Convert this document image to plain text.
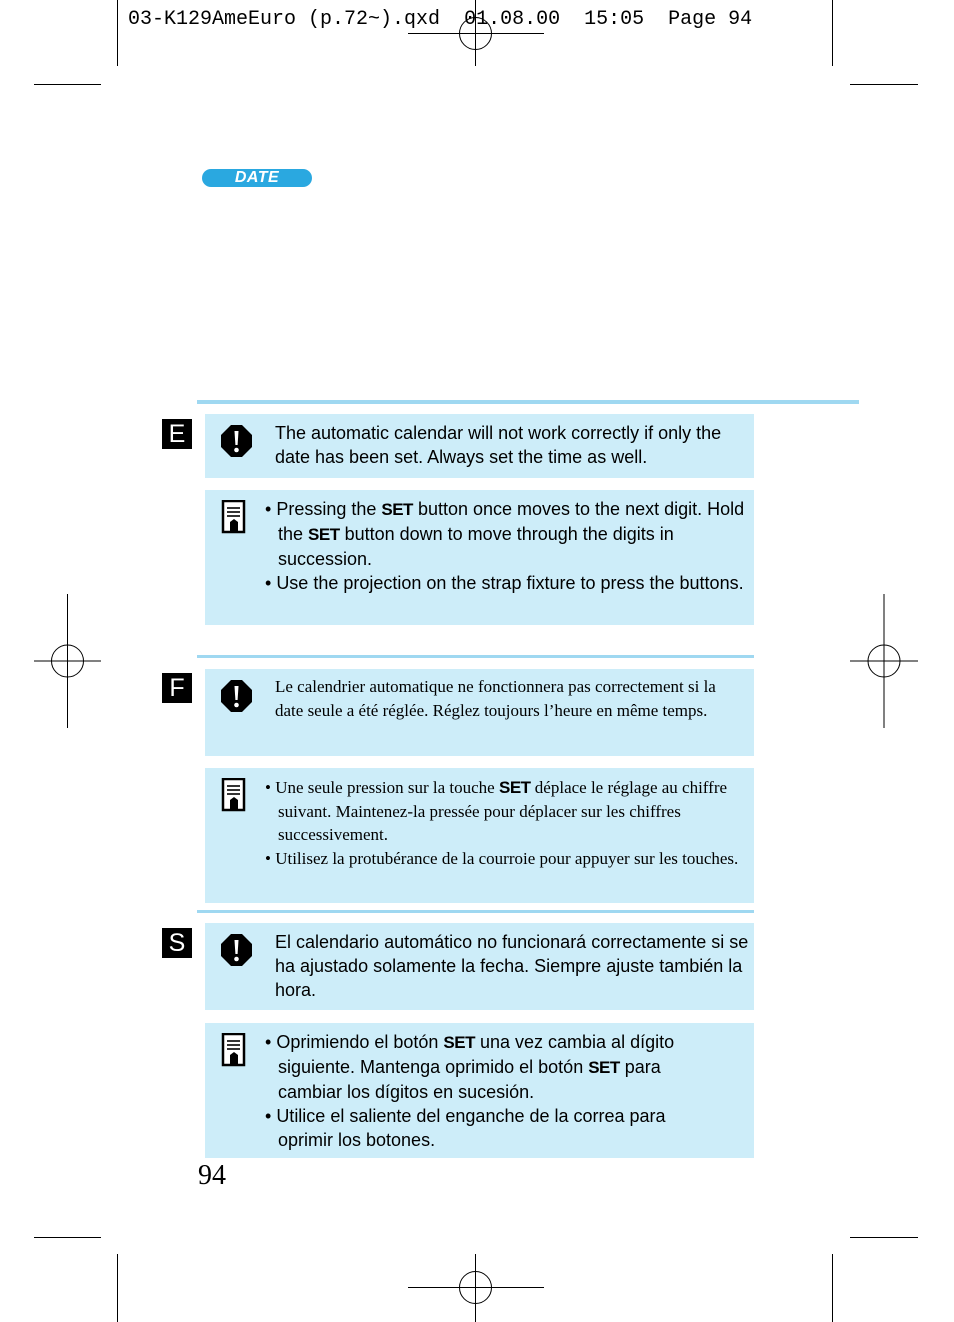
03-K129AmeEuro (p.72~).qxd 01.08.00 15:05 Page 94
DATE
E	The automatic calendar will not work correctly if only the date has been set. Always set the time as well.

• Pressing the SET button once moves to the next digit. Hold the SET button down to move through the digits in succession.

• Use the projection on the strap fixture to press the buttons.

F	Le calendrier automatique ne fonctionnera pas correctement si la date seule a été réglée. Réglez toujours l’heure en même temps.

• Une seule pression sur la touche SET déplace le réglage au chiffre suivant. Maintenez-la pressée pour déplacer sur les chiffres successivement.

• Utilisez la protubérance de la courroie pour appuyer sur les touches.

S	El calendario automático no funcionará correctamente si se ha ajustado solamente la fecha. Siempre ajuste también la hora.

• Oprimiendo el botón SET una vez cambia al dígito siguiente. Mantenga oprimido el botón SET para cambiar los dígitos en sucesión.

• Utilice el saliente del enganche de la correa para oprimir los botones.

94
